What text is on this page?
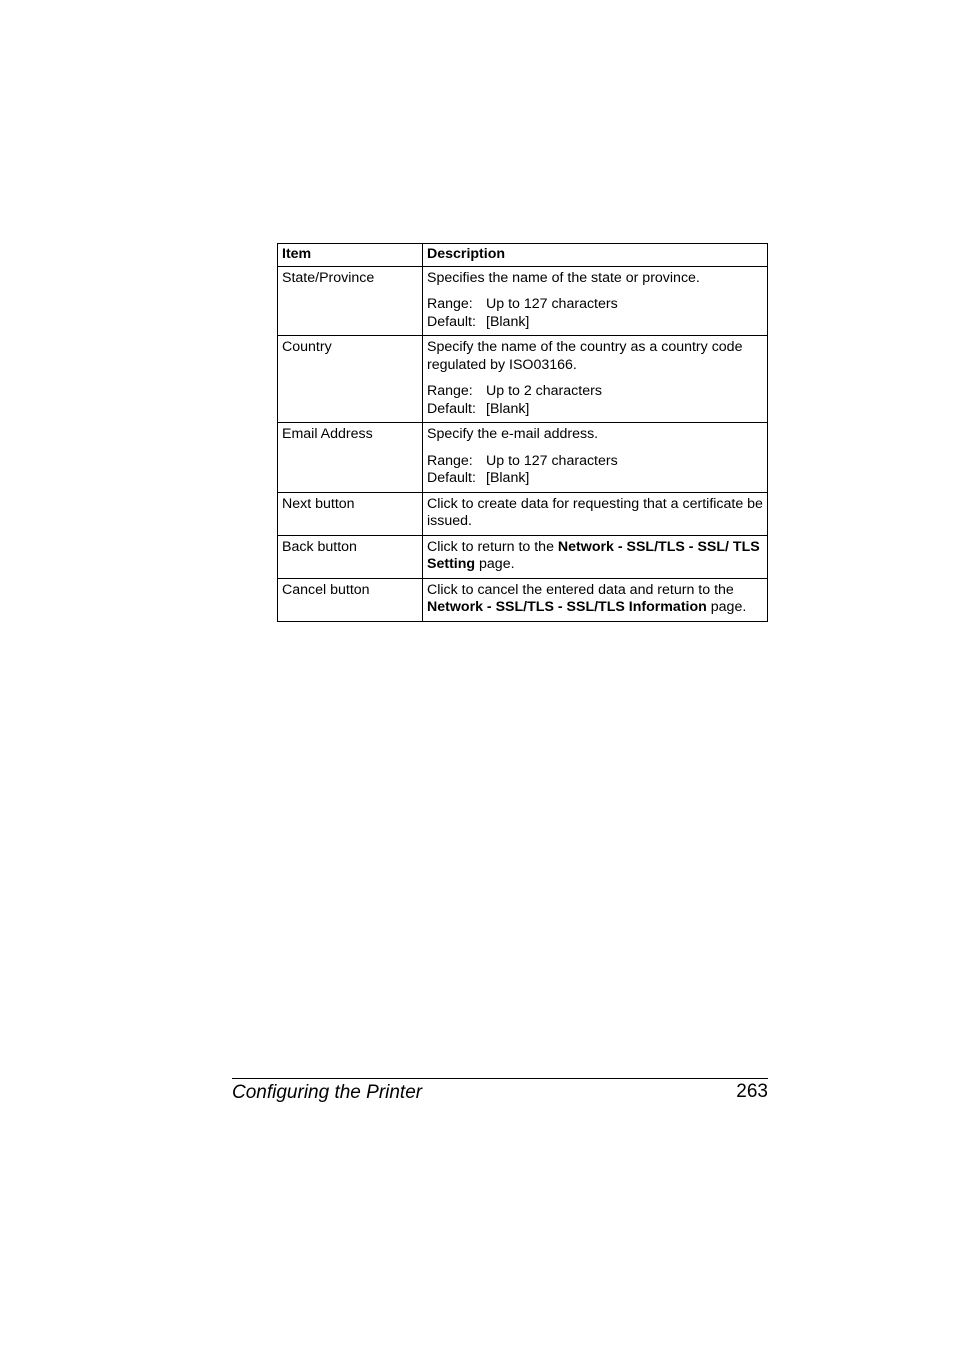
Item	Description
State/Province	Specifies the name of the state or province.

Range: Up to 127 characters
Default: [Blank]

Country	Specify the name of the country as a country code regulated by ISO03166.

Range: Up to 2 characters
Default: [Blank]

Email Address	Specify the e-mail address.

Range: Up to 127 characters
Default: [Blank]

Next button	Click to create data for requesting that a certificate be issued.

Back button	Click to return to the Network - SSL/TLS - SSL/ TLS Setting page.

Cancel button	Click to cancel the entered data and return to the Network - SSL/TLS - SSL/TLS Information page.

Configuring the Printer	263
